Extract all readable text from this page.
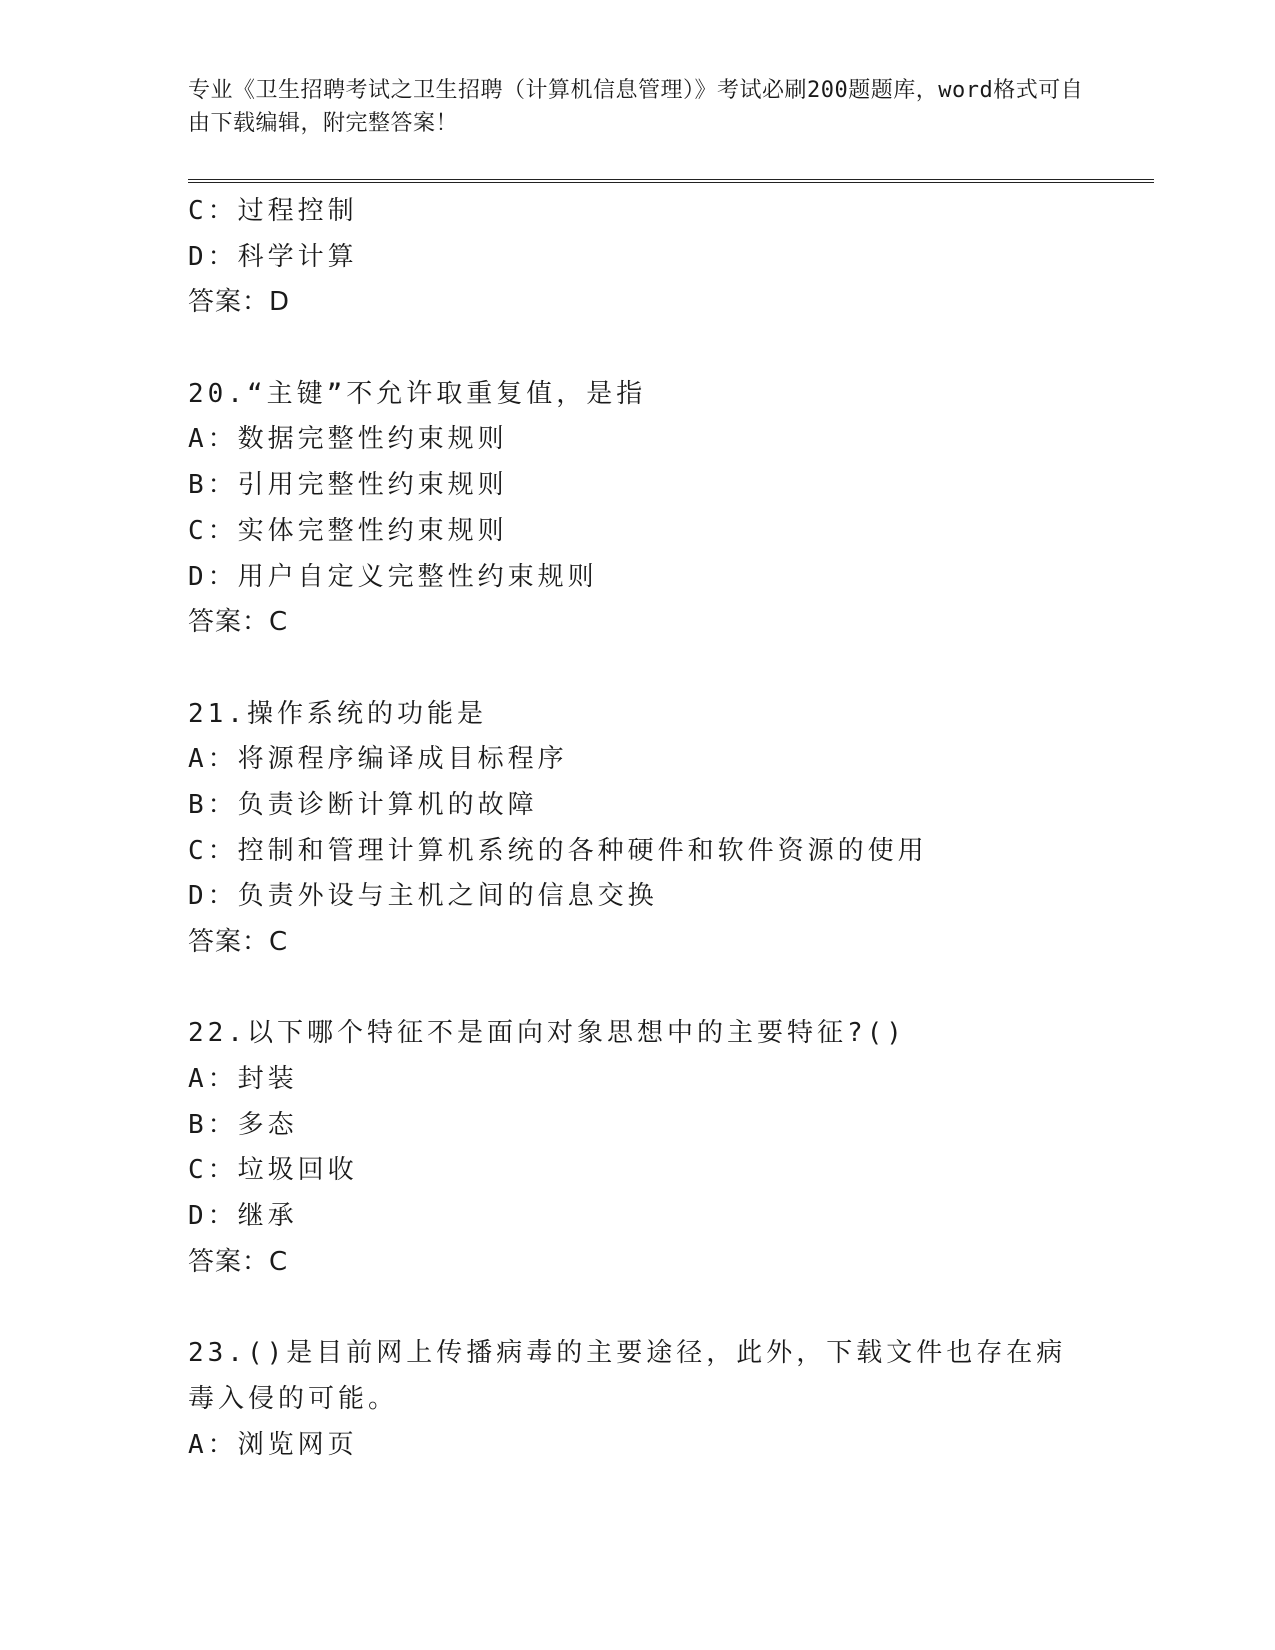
专业《卫生招聘考试之卫生招聘（计算机信息管理）》考试必刷200题题库，word格式可自由下载编辑，附完整答案！
C：过程控制
D：科学计算
答案：D
20.“主键”不允许取重复值，是指
A：数据完整性约束规则
B：引用完整性约束规则
C：实体完整性约束规则
D：用户自定义完整性约束规则
答案：C
21.操作系统的功能是
A：将源程序编译成目标程序
B：负责诊断计算机的故障
C：控制和管理计算机系统的各种硬件和软件资源的使用
D：负责外设与主机之间的信息交换
答案：C
22.以下哪个特征不是面向对象思想中的主要特征?()
A：封装
B：多态
C：垃圾回收
D：继承
答案：C
23.()是目前网上传播病毒的主要途径，此外，下载文件也存在病毒入侵的可能。
A：浏览网页
